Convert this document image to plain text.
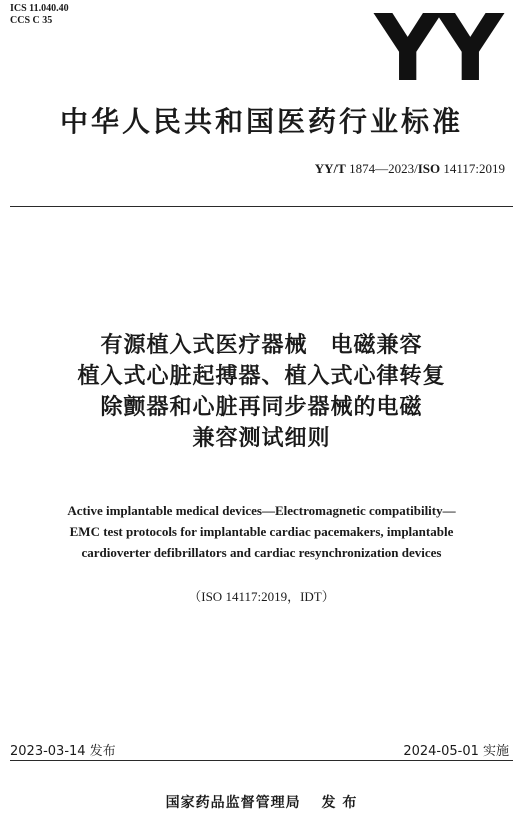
ICS 11.040.40
CCS C 35	YY
中华人民共和国医药行业标准
YY/T 1874—2023/ISO 14117:2019
有源植入式医疗器械　电磁兼容
植入式心脏起搏器、植入式心律转复
除颤器和心脏再同步器械的电磁
兼容测试细则
Active implantable medical devices—Electromagnetic compatibility—
EMC test protocols for implantable cardiac pacemakers, implantable
cardioverter defibrillators and cardiac resynchronization devices
（ISO 14117:2019，IDT）
2023-03-14 发布	2024-05-01 实施
国家药品监督管理局　 发 布
